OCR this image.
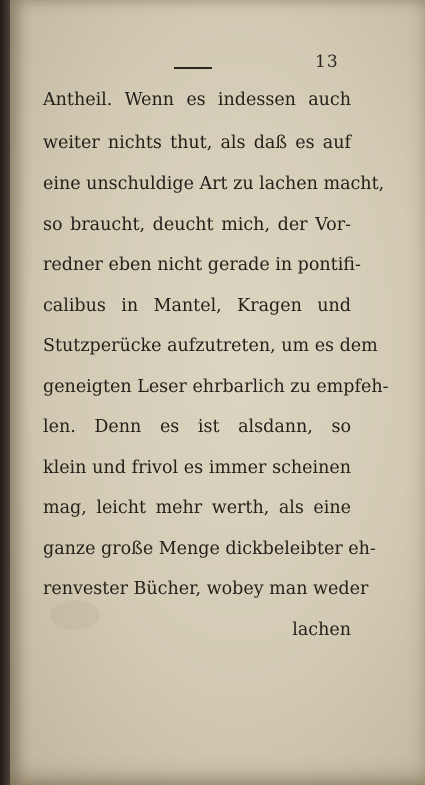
13
Antheil. Wenn es indessen auch
weiter nichts thut, als daß es auf
eine unschuldige Art zu lachen macht,
so braucht, deucht mich, der Vor-
redner eben nicht gerade in pontifi-
calibus in Mantel, Kragen und
Stutzperücke aufzutreten, um es dem
geneigten Leser ehrbarlich zu empfeh-
len. Denn es ist alsdann, so
klein und frivol es immer scheinen
mag, leicht mehr werth, als eine
ganze große Menge dickbeleibter eh-
renvester Bücher, wobey man weder
lachen
